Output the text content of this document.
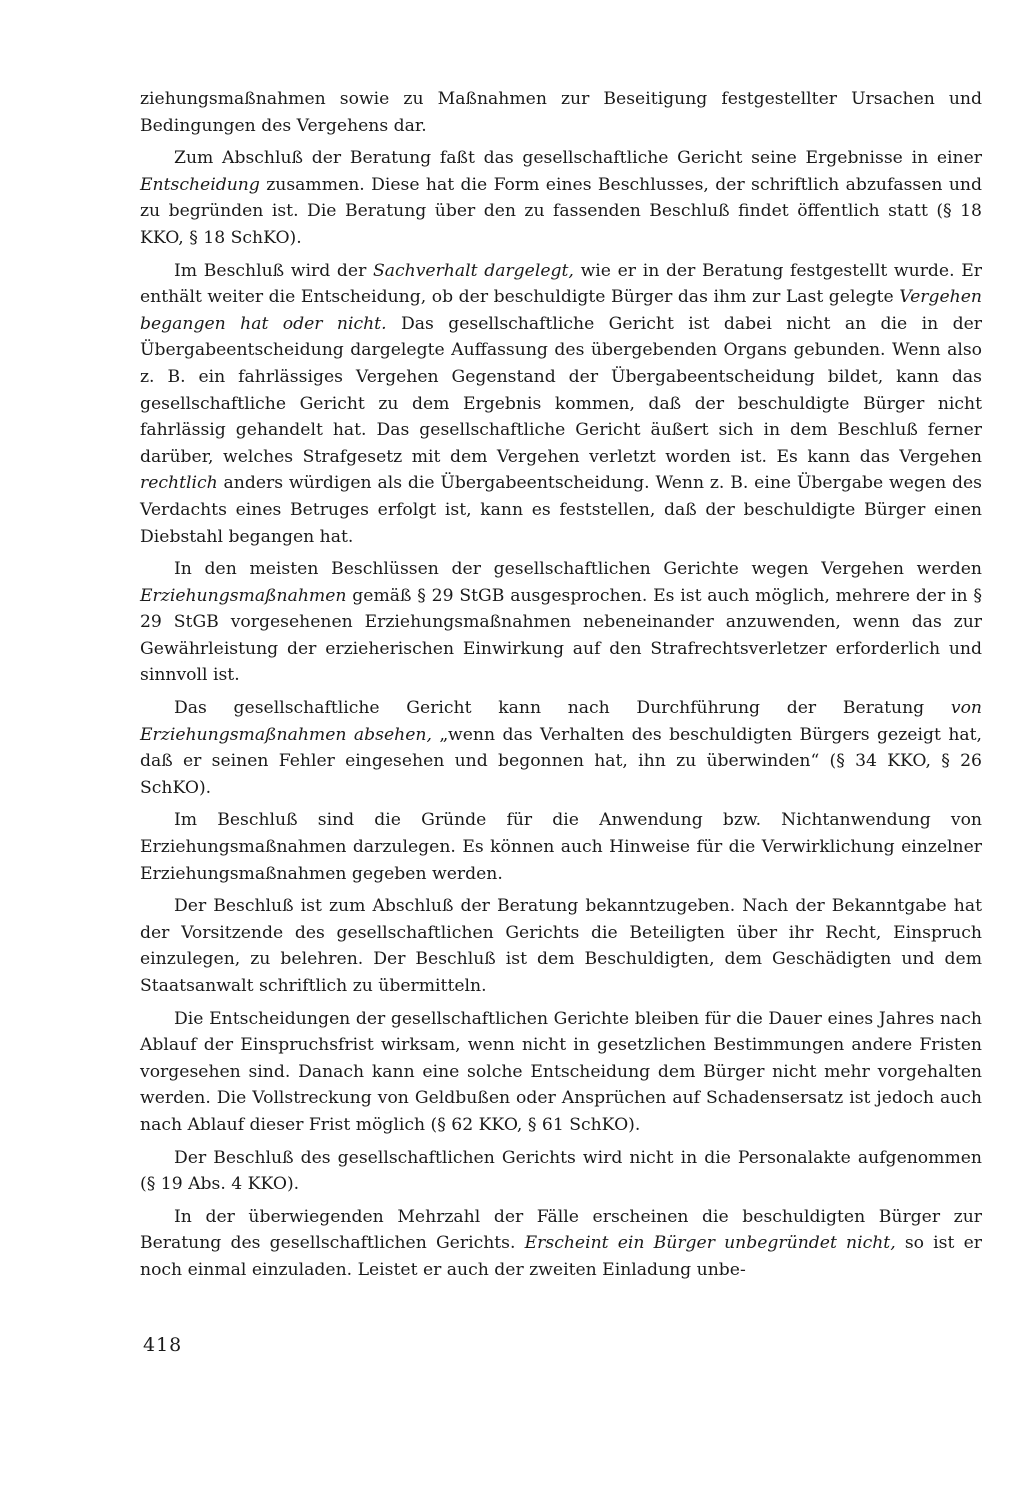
ziehungsmaßnahmen sowie zu Maßnahmen zur Beseitigung festgestellter Ursachen und Bedingungen des Vergehens dar.

Zum Abschluß der Beratung faßt das gesellschaftliche Gericht seine Ergebnisse in einer Entscheidung zusammen. Diese hat die Form eines Beschlusses, der schriftlich abzufassen und zu begründen ist. Die Beratung über den zu fassenden Beschluß findet öffentlich statt (§ 18 KKO, § 18 SchKO).

Im Beschluß wird der Sachverhalt dargelegt, wie er in der Beratung festgestellt wurde. Er enthält weiter die Entscheidung, ob der beschuldigte Bürger das ihm zur Last gelegte Vergehen begangen hat oder nicht. Das gesellschaftliche Gericht ist dabei nicht an die in der Übergabeentscheidung dargelegte Auffassung des übergebenden Organs gebunden. Wenn also z. B. ein fahrlässiges Vergehen Gegenstand der Übergabeentscheidung bildet, kann das gesellschaftliche Gericht zu dem Ergebnis kommen, daß der beschuldigte Bürger nicht fahrlässig gehandelt hat. Das gesellschaftliche Gericht äußert sich in dem Beschluß ferner darüber, welches Strafgesetz mit dem Vergehen verletzt worden ist. Es kann das Vergehen rechtlich anders würdigen als die Übergabeentscheidung. Wenn z. B. eine Übergabe wegen des Verdachts eines Betruges erfolgt ist, kann es feststellen, daß der beschuldigte Bürger einen Diebstahl begangen hat.

In den meisten Beschlüssen der gesellschaftlichen Gerichte wegen Vergehen werden Erziehungsmaßnahmen gemäß § 29 StGB ausgesprochen. Es ist auch möglich, mehrere der in § 29 StGB vorgesehenen Erziehungsmaßnahmen nebeneinander anzuwenden, wenn das zur Gewährleistung der erzieherischen Einwirkung auf den Strafrechtsverletzer erforderlich und sinnvoll ist.

Das gesellschaftliche Gericht kann nach Durchführung der Beratung von Erziehungsmaßnahmen absehen, „wenn das Verhalten des beschuldigten Bürgers gezeigt hat, daß er seinen Fehler eingesehen und begonnen hat, ihn zu überwinden“ (§ 34 KKO, § 26 SchKO).

Im Beschluß sind die Gründe für die Anwendung bzw. Nichtanwendung von Erziehungsmaßnahmen darzulegen. Es können auch Hinweise für die Verwirklichung einzelner Erziehungsmaßnahmen gegeben werden.

Der Beschluß ist zum Abschluß der Beratung bekanntzugeben. Nach der Bekanntgabe hat der Vorsitzende des gesellschaftlichen Gerichts die Beteiligten über ihr Recht, Einspruch einzulegen, zu belehren. Der Beschluß ist dem Beschuldigten, dem Geschädigten und dem Staatsanwalt schriftlich zu übermitteln.

Die Entscheidungen der gesellschaftlichen Gerichte bleiben für die Dauer eines Jahres nach Ablauf der Einspruchsfrist wirksam, wenn nicht in gesetzlichen Bestimmungen andere Fristen vorgesehen sind. Danach kann eine solche Entscheidung dem Bürger nicht mehr vorgehalten werden. Die Vollstreckung von Geldbußen oder Ansprüchen auf Schadensersatz ist jedoch auch nach Ablauf dieser Frist möglich (§ 62 KKO, § 61 SchKO).

Der Beschluß des gesellschaftlichen Gerichts wird nicht in die Personalakte aufgenommen (§ 19 Abs. 4 KKO).

In der überwiegenden Mehrzahl der Fälle erscheinen die beschuldigten Bürger zur Beratung des gesellschaftlichen Gerichts. Erscheint ein Bürger unbegründet nicht, so ist er noch einmal einzuladen. Leistet er auch der zweiten Einladung unbe-

418
